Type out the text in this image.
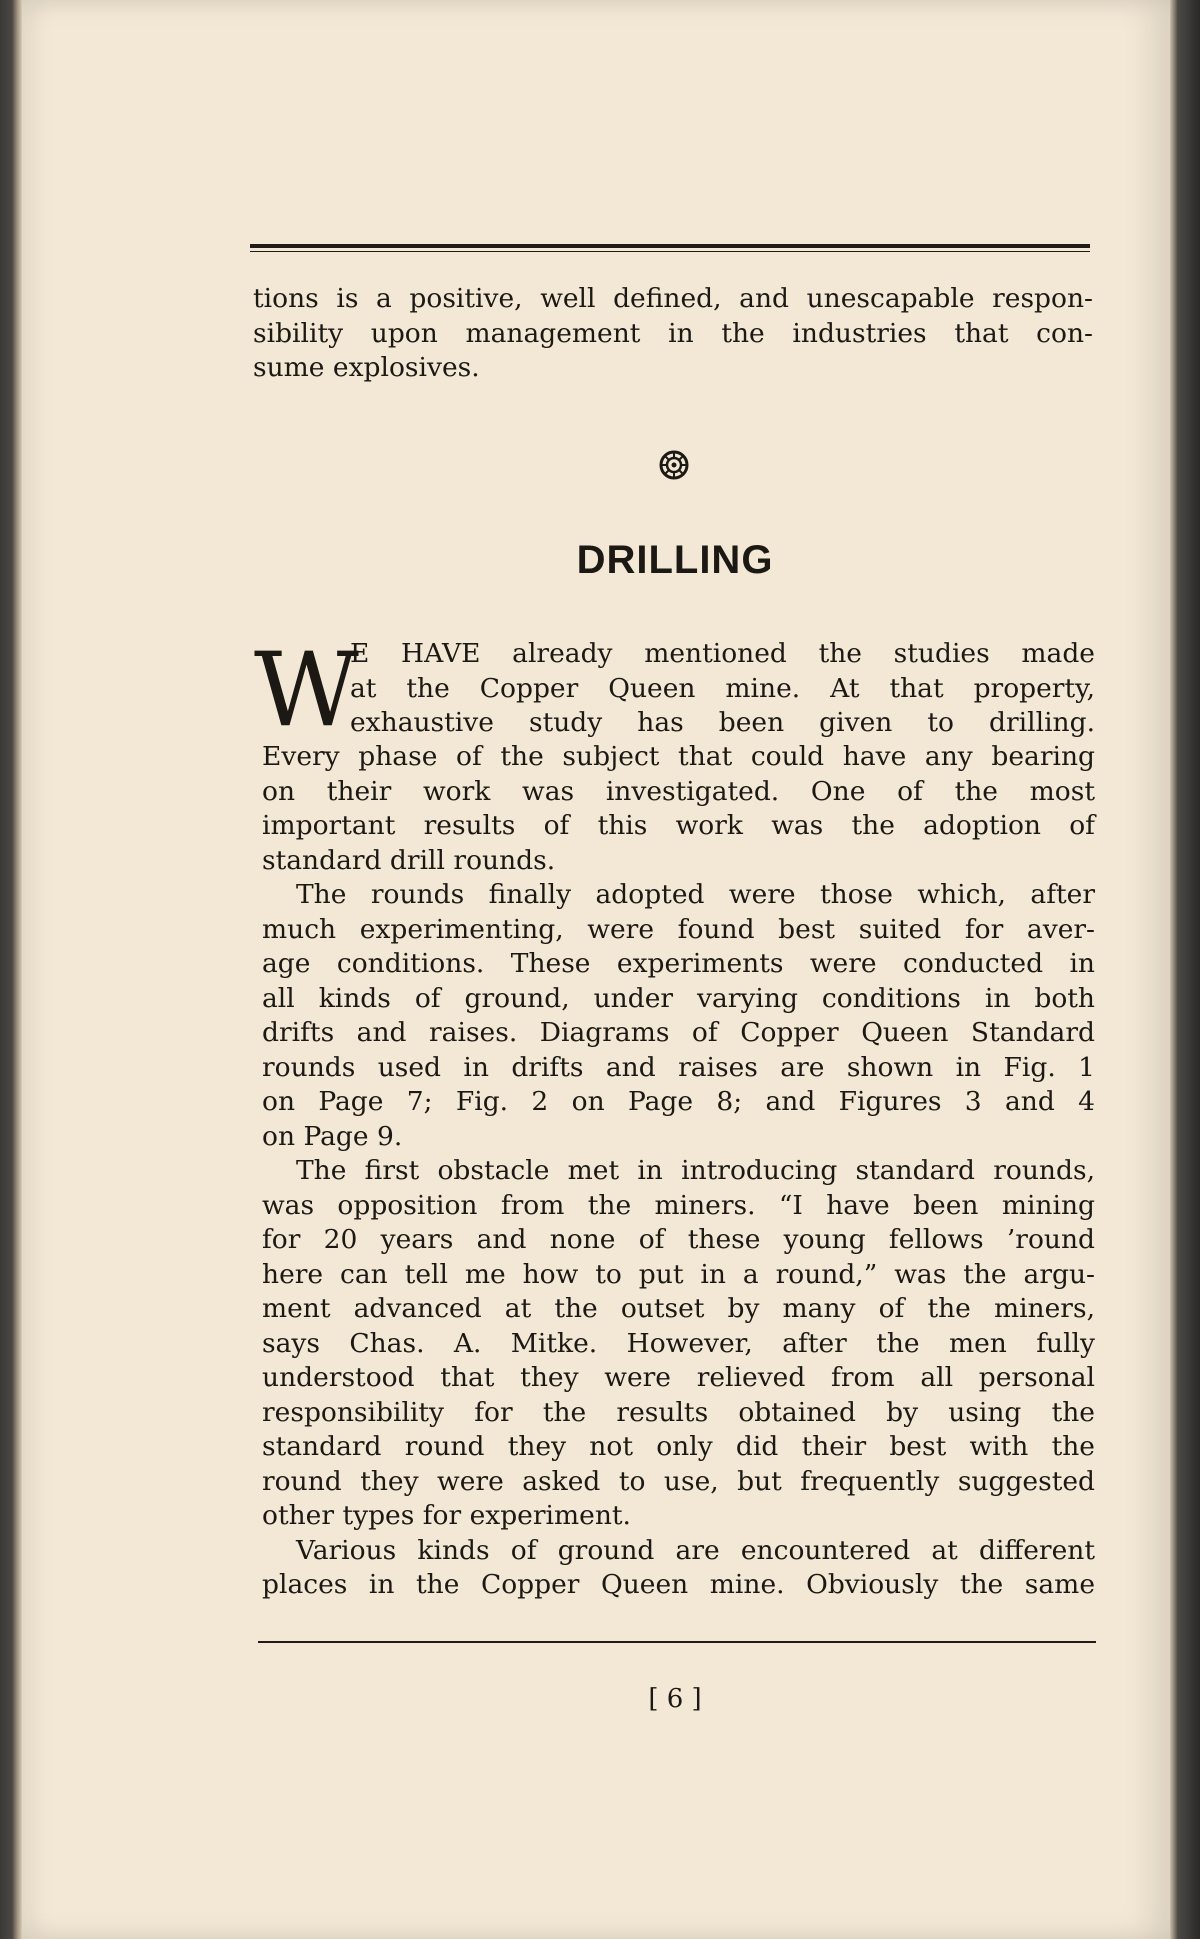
tions is a positive, well defined, and unescapable respon-
sibility upon management in the industries that con-
sume explosives.
DRILLING
W
E HAVE already mentioned the studies made
at the Copper Queen mine. At that property,
exhaustive study has been given to drilling.
Every phase of the subject that could have any bearing
on their work was investigated. One of the most
important results of this work was the adoption of
standard drill rounds.
The rounds finally adopted were those which, after
much experimenting, were found best suited for aver-
age conditions. These experiments were conducted in
all kinds of ground, under varying conditions in both
drifts and raises. Diagrams of Copper Queen Standard
rounds used in drifts and raises are shown in Fig. 1
on Page 7; Fig. 2 on Page 8; and Figures 3 and 4
on Page 9.
The first obstacle met in introducing standard rounds,
was opposition from the miners. “I have been mining
for 20 years and none of these young fellows ’round
here can tell me how to put in a round,” was the argu-
ment advanced at the outset by many of the miners,
says Chas. A. Mitke. However, after the men fully
understood that they were relieved from all personal
responsibility for the results obtained by using the
standard round they not only did their best with the
round they were asked to use, but frequently suggested
other types for experiment.
Various kinds of ground are encountered at different
places in the Copper Queen mine. Obviously the same
[ 6 ]
